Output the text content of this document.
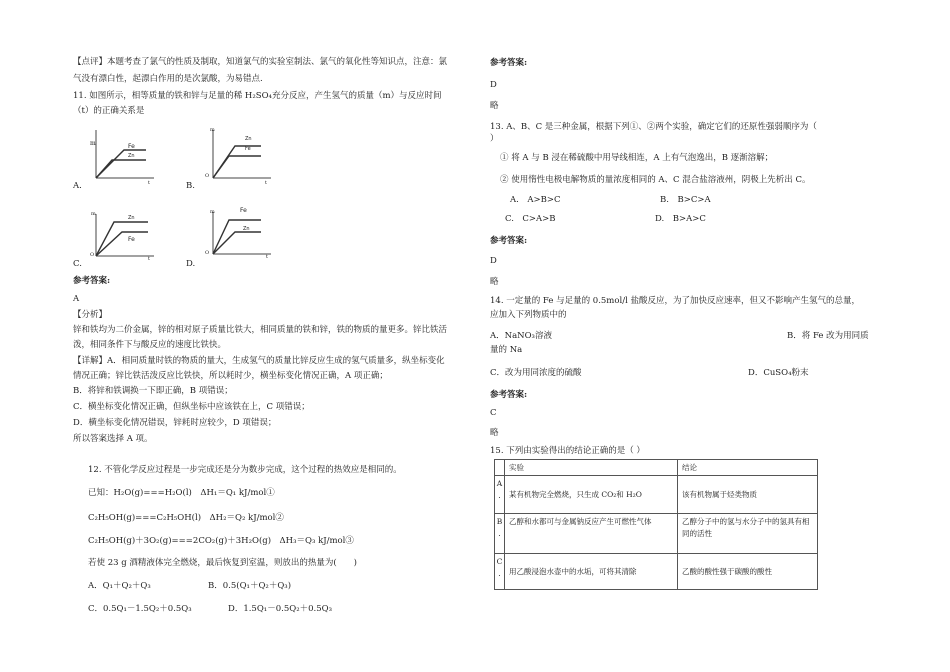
【点评】本题考查了氯气的性质及制取，知道氯气的实验室制法、氯气的氧化性等知识点，注意：氯
气没有漂白性，起漂白作用的是次氯酸，为易错点.
11. 如图所示，相等质量的铁和锌与足量的稀 H₂SO₄充分反应，产生氢气的质量（m）与反应时间
（t）的正确关系是
m	Fe
Zn
t
A.
m
Zn
Fe
O
t
B.
m
Zn
Fe
O
t
C.
m	Fe
Zn
O
t
D.
参考答案:
A
【分析】
锌和铁均为二价金属，锌的相对原子质量比铁大，相同质量的铁和锌，铁的物质的量更多。锌比铁活
泼，相同条件下与酸反应的速度比铁快。
【详解】A．相同质量时铁的物质的量大，生成氢气的质量比锌反应生成的氢气质量多，纵坐标变化
情况正确；锌比铁活泼反应比铁快，所以耗时少，横坐标变化情况正确，A 项正确；
B．将锌和铁调换一下即正确，B 项错误；
C．横坐标变化情况正确，但纵坐标中应该铁在上，C 项错误；
D．横坐标变化情况错误，锌耗时应较少，D 项错误；
所以答案选择 A 项。
12. 不管化学反应过程是一步完成还是分为数步完成，这个过程的热效应是相同的。
已知：H₂O(g)===H₂O(l)　ΔH₁＝Q₁ kJ/mol①
C₂H₅OH(g)===C₂H₅OH(l)　ΔH₂＝Q₂ kJ/mol②
C₂H₅OH(g)＋3O₂(g)===2CO₂(g)＋3H₂O(g)　ΔH₃＝Q₃ kJ/mol③
若使 23 g 酒精液体完全燃烧，最后恢复到室温，则放出的热量为(　　)
A．Q₁＋Q₂＋Q₃	B．0.5(Q₁＋Q₂＋Q₃)
C．0.5Q₁－1.5Q₂＋0.5Q₃	D．1.5Q₁－0.5Q₂＋0.5Q₃
参考答案:
D
略
13. A、B、C 是三种金属，根据下列①、②两个实验，确定它们的还原性强弱顺序为（
）
① 将 A 与 B 浸在稀硫酸中用导线相连，A 上有气泡逸出，B 逐渐溶解；
② 使用惰性电极电解物质的量浓度相同的 A、C 混合盐溶液州，阴极上先析出 C。
A.　A>B>C	B.　B>C>A
C.　C>A>B	D.　B>A>C
参考答案:
D
略
14. 一定量的 Fe 与足量的 0.5mol/l 盐酸反应，为了加快反应速率，但又不影响产生氢气的总量，
应加入下列物质中的
A．NaNO₃溶液	B．将 Fe 改为用同质
量的 Na
C．改为用同浓度的硫酸	D．CuSO₄粉末
参考答案:
C
略
15. 下列由实验得出的结论正确的是（ ）
	实验	结论
A
.	某有机物完全燃烧，只生成 CO₂和 H₂O	该有机物属于烃类物质
B
.	乙醇和水都可与金属钠反应产生可燃性气体	乙醇分子中的氢与水分子中的氢具有相同的活性
C
.	用乙酸浸泡水壶中的水垢，可将其清除	乙酸的酸性强于碳酸的酸性
